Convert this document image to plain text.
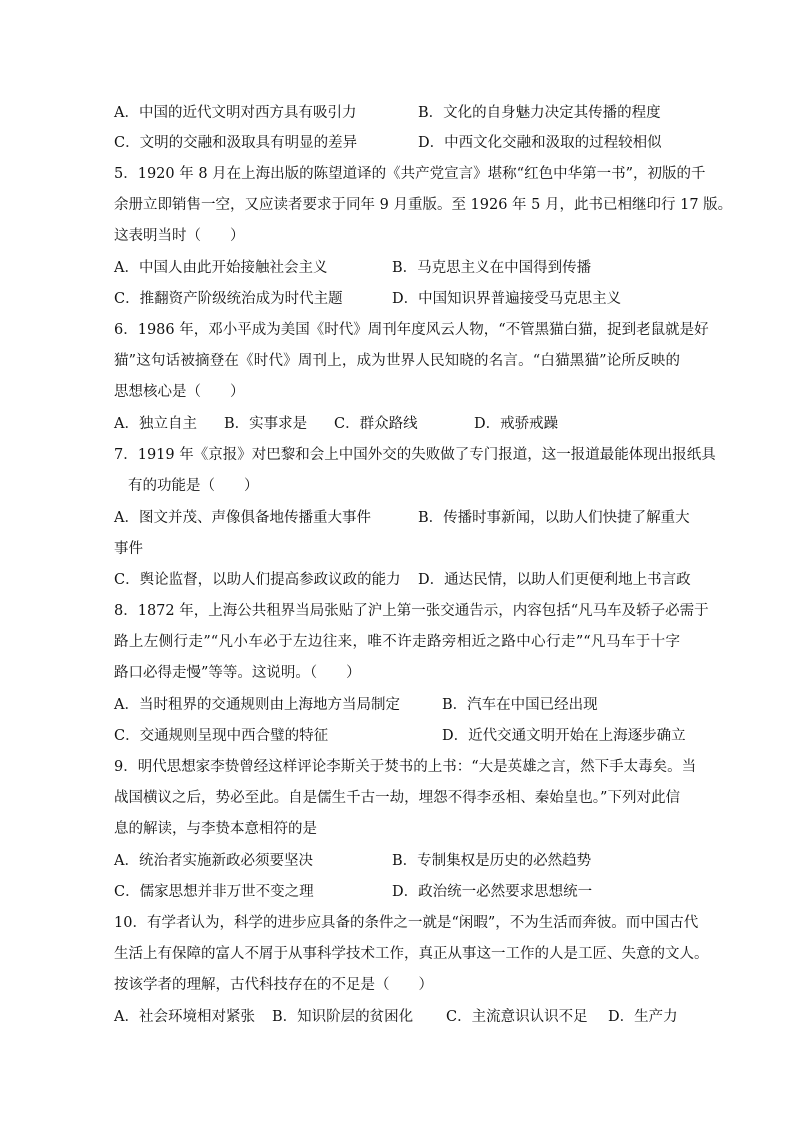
A．中国的近代文明对西方具有吸引力	B．文化的自身魅力决定其传播的程度
C．文明的交融和汲取具有明显的差异	D．中西文化交融和汲取的过程较相似
5．1920 年 8 月在上海出版的陈望道译的《共产党宣言》堪称“红色中华第一书”，初版的千
余册立即销售一空，又应读者要求于同年 9 月重版。至 1926 年 5 月，此书已相继印行 17 版。
这表明当时（　　）
A．中国人由此开始接触社会主义	B．马克思主义在中国得到传播
C．推翻资产阶级统治成为时代主题	D．中国知识界普遍接受马克思主义
6．1986 年，邓小平成为美国《时代》周刊年度风云人物，“不管黑猫白猫，捉到老鼠就是好
猫”这句话被摘登在《时代》周刊上，成为世界人民知晓的名言。“白猫黑猫”论所反映的
思想核心是（　　）
A．独立自主 B．实事求是 C．群众路线	D．戒骄戒躁
7．1919 年《京报》对巴黎和会上中国外交的失败做了专门报道，这一报道最能体现出报纸具
有的功能是（　　）
A．图文并茂、声像俱备地传播重大事件	B．传播时事新闻，以助人们快捷了解重大
事件
C．舆论监督，以助人们提高参政议政的能力 D．通达民情，以助人们更便利地上书言政
8．1872 年，上海公共租界当局张贴了沪上第一张交通告示，内容包括“凡马车及轿子必需于
路上左侧行走”“凡小车必于左边往来，唯不许走路旁相近之路中心行走”“凡马车于十字
路口必得走慢”等等。这说明。（　　）
A．当时租界的交通规则由上海地方当局制定	B．汽车在中国已经出现
C．交通规则呈现中西合璧的特征	D．近代交通文明开始在上海逐步确立
9．明代思想家李贽曾经这样评论李斯关于焚书的上书：“大是英雄之言，然下手太毒矣。当
战国横议之后，势必至此。自是儒生千古一劫，埋怨不得李丞相、秦始皇也。”下列对此信
息的解读，与李贽本意相符的是
A．统治者实施新政必须要坚决	B．专制集权是历史的必然趋势
C．儒家思想并非万世不变之理	D．政治统一必然要求思想统一
10．有学者认为，科学的进步应具备的条件之一就是“闲暇”，不为生活而奔彼。而中国古代
生活上有保障的富人不屑于从事科学技术工作，真正从事这一工作的人是工匠、失意的文人。
按该学者的理解，古代科技存在的不足是（　　）
A．社会环境相对紧张 B．知识阶层的贫困化 C．主流意识认识不足 D．生产力
